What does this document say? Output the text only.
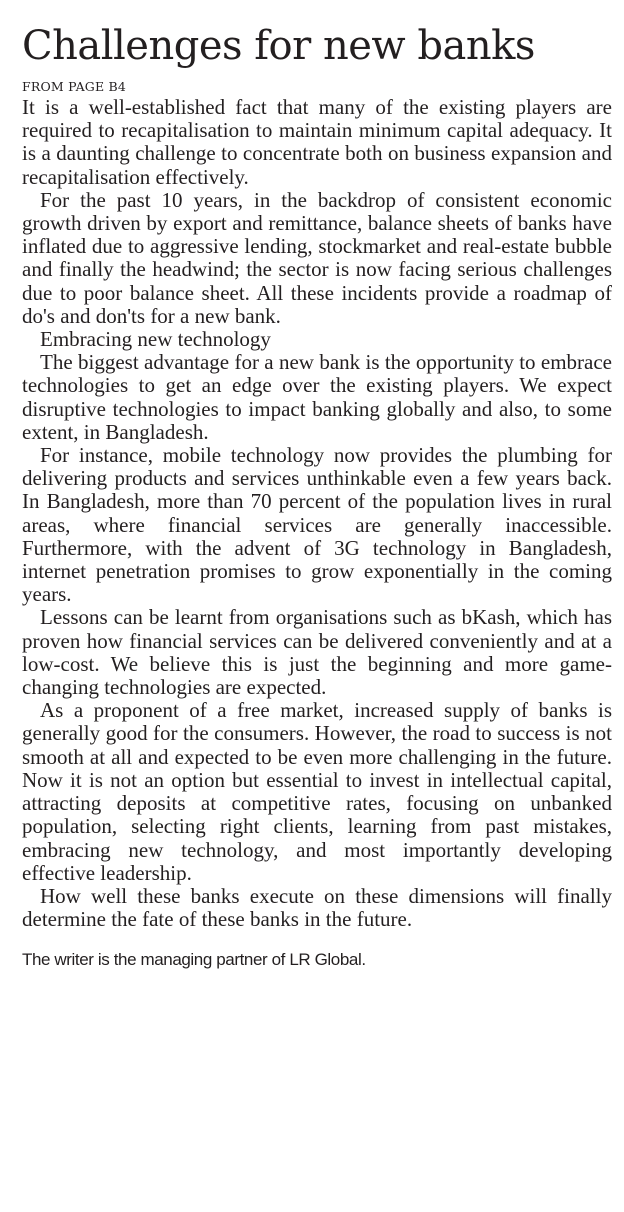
Challenges for new banks
FROM PAGE B4

It is a well-established fact that many of the existing players are required to recapitalisation to maintain minimum capital adequacy. It is a daunting challenge to concentrate both on business expansion and recapitalisation effectively.

For the past 10 years, in the backdrop of consistent economic growth driven by export and remittance, balance sheets of banks have inflated due to aggressive lending, stockmarket and real-estate bubble and finally the headwind; the sector is now facing serious challenges due to poor balance sheet. All these incidents provide a roadmap of do's and don'ts for a new bank.

Embracing new technology

The biggest advantage for a new bank is the opportunity to embrace technologies to get an edge over the existing players. We expect disruptive technologies to impact banking globally and also, to some extent, in Bangladesh.

For instance, mobile technology now provides the plumbing for delivering products and services unthinkable even a few years back. In Bangladesh, more than 70 percent of the population lives in rural areas, where financial services are generally inaccessible. Furthermore, with the advent of 3G technology in Bangladesh, internet penetration promises to grow exponentially in the coming years.

Lessons can be learnt from organisations such as bKash, which has proven how financial services can be delivered conveniently and at a low-cost. We believe this is just the beginning and more game-changing technologies are expected.

As a proponent of a free market, increased supply of banks is generally good for the consumers. However, the road to success is not smooth at all and expected to be even more challenging in the future. Now it is not an option but essential to invest in intellectual capital, attracting deposits at competitive rates, focusing on unbanked population, selecting right clients, learning from past mistakes, embracing new technology, and most importantly developing effective leadership.

How well these banks execute on these dimensions will finally determine the fate of these banks in the future.

The writer is the managing partner of LR Global.
